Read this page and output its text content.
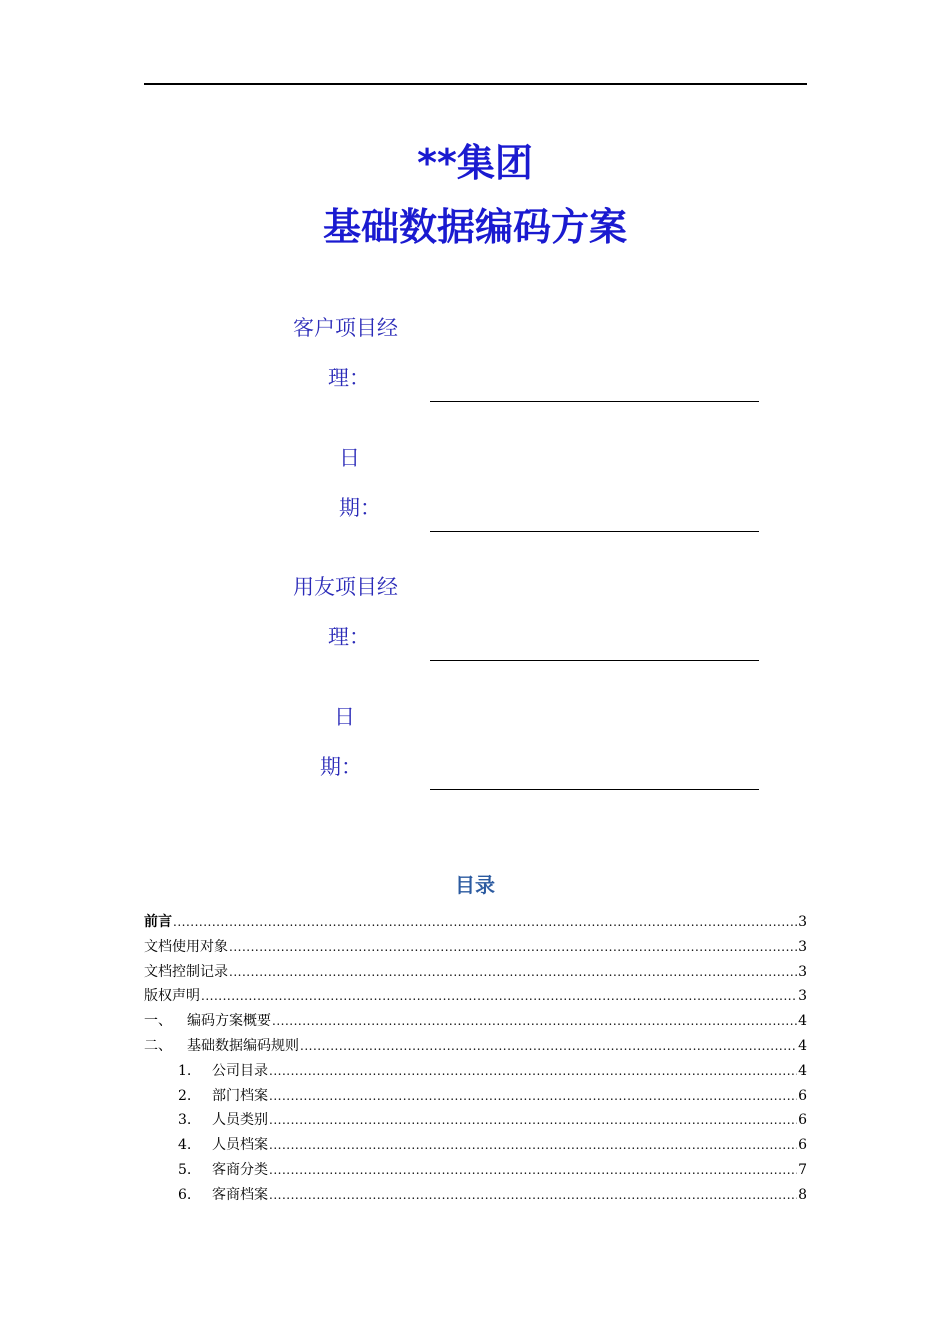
**集团
基础数据编码方案
客户项目经
理：
日
期：
用友项目经
理：
日
期：
目录
前言 .....	3
文档使用对象 .....	3
文档控制记录 .....	3
版权声明 .....	3
一、	编码方案概要 .....	4
二、	基础数据编码规则 .....	4
1.	公司目录 .....	4
2.	部门档案 .....	6
3.	人员类别 .....	6
4.	人员档案 .....	6
5.	客商分类 .....	7
6.	客商档案 .....	8
